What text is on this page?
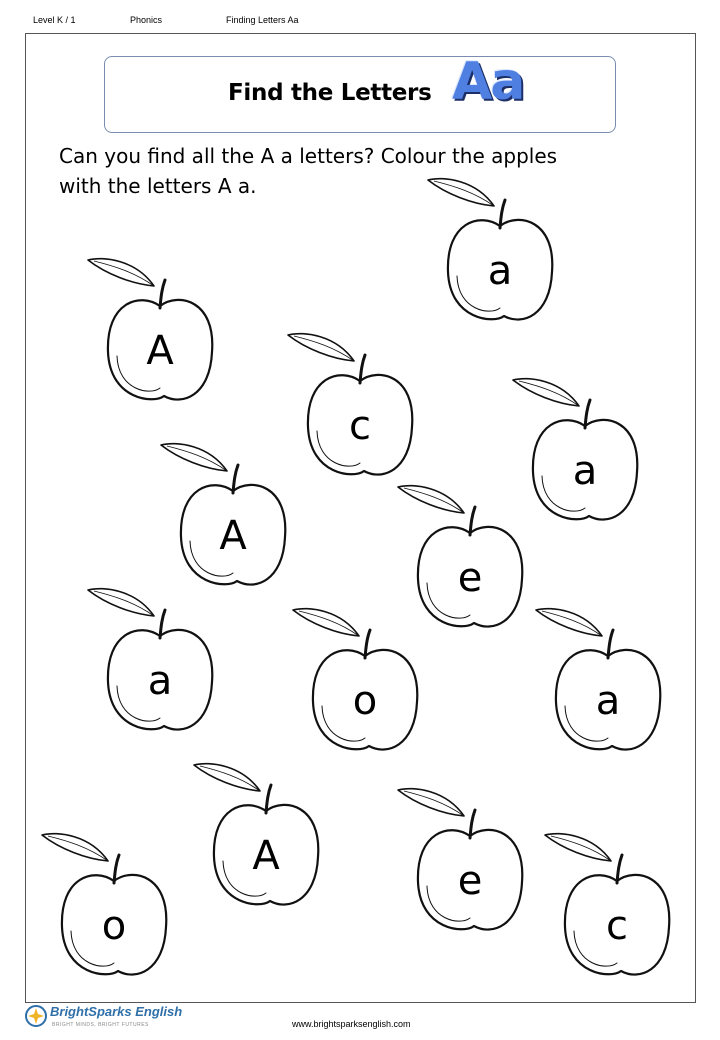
Level K / 1	Phonics	Finding Letters Aa
Find the Letters Aa
Can you find all the A a letters? Colour the apples
with the letters A a.
a
A
c
a
A
e
a	o	a
A
e
o	c
BrightSparks English
BRIGHT MINDS, BRIGHT FUTURES	www.brightsparksenglish.com
